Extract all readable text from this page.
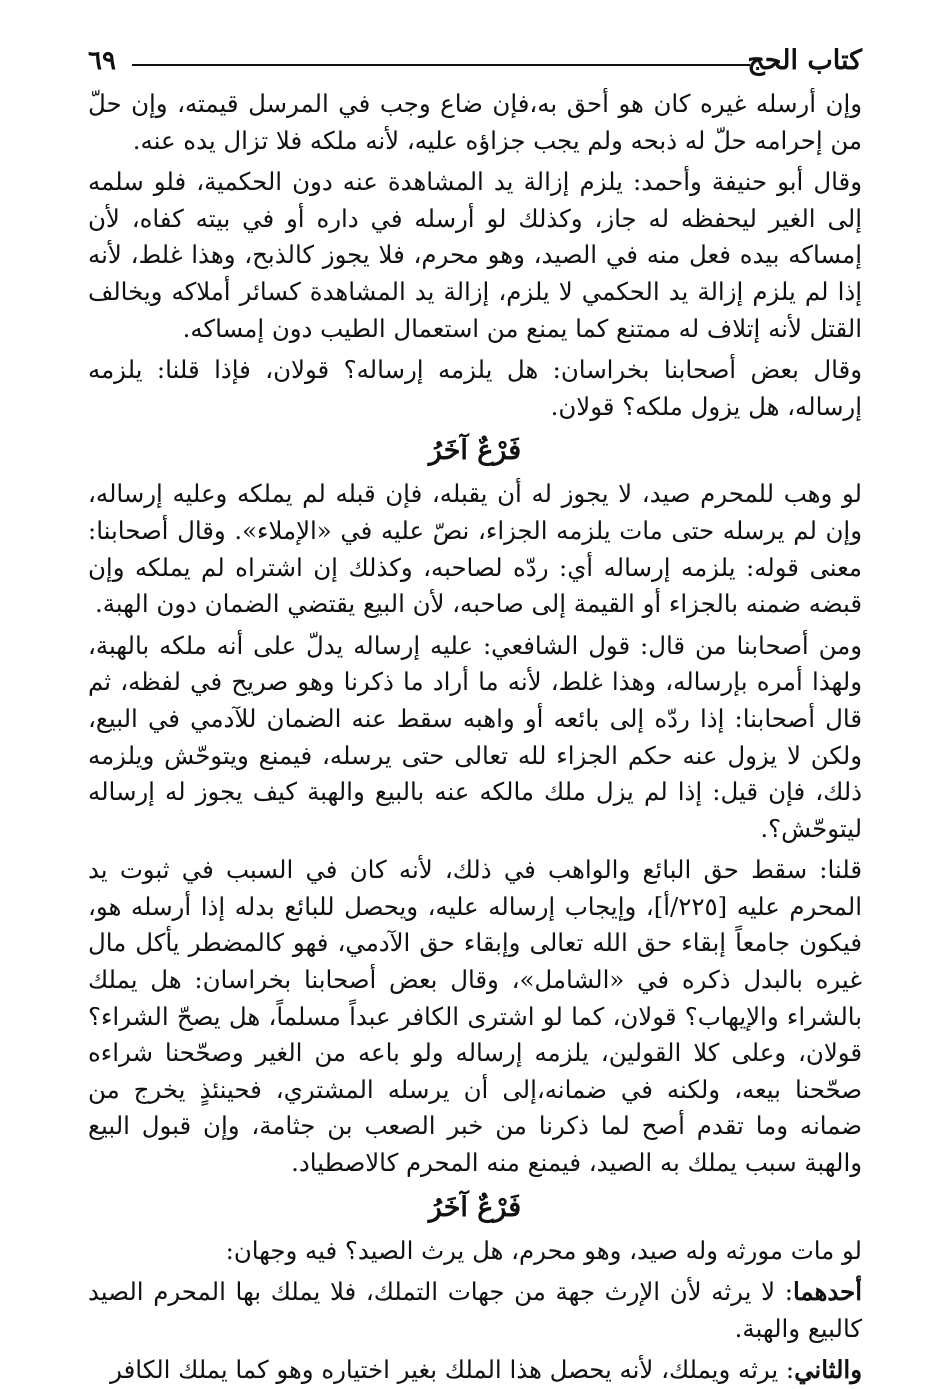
كتاب الحج
٦٩

وإن أرسله غيره كان هو أحق به،فإن ضاع وجب في المرسل قيمته، وإن حلّ من إحرامه حلّ له ذبحه ولم يجب جزاؤه عليه، لأنه ملكه فلا تزال يده عنه.

وقال أبو حنيفة وأحمد: يلزم إزالة يد المشاهدة عنه دون الحكمية، فلو سلمه إلى الغير ليحفظه له جاز، وكذلك لو أرسله في داره أو في بيته كفاه، لأن إمساكه بيده فعل منه في الصيد، وهو محرم، فلا يجوز كالذبح، وهذا غلط، لأنه إذا لم يلزم إزالة يد الحكمي لا يلزم، إزالة يد المشاهدة كسائر أملاكه ويخالف القتل لأنه إتلاف له ممتنع كما يمنع من استعمال الطيب دون إمساكه.

وقال بعض أصحابنا بخراسان: هل يلزمه إرساله؟ قولان، فإذا قلنا: يلزمه إرساله، هل يزول ملكه؟ قولان.

فَرْعٌ آخَرُ

لو وهب للمحرم صيد، لا يجوز له أن يقبله، فإن قبله لم يملكه وعليه إرساله، وإن لم يرسله حتى مات يلزمه الجزاء، نصّ عليه في «الإملاء». وقال أصحابنا: معنى قوله: يلزمه إرساله أي: ردّه لصاحبه، وكذلك إن اشتراه لم يملكه وإن قبضه ضمنه بالجزاء أو القيمة إلى صاحبه، لأن البيع يقتضي الضمان دون الهبة.

ومن أصحابنا من قال: قول الشافعي: عليه إرساله يدلّ على أنه ملكه بالهبة، ولهذا أمره بإرساله، وهذا غلط، لأنه ما أراد ما ذكرنا وهو صريح في لفظه، ثم قال أصحابنا: إذا ردّه إلى بائعه أو واهبه سقط عنه الضمان للآدمي في البيع، ولكن لا يزول عنه حكم الجزاء لله تعالى حتى يرسله، فيمنع ويتوحّش ويلزمه ذلك، فإن قيل: إذا لم يزل ملك مالكه عنه بالبيع والهبة كيف يجوز له إرساله ليتوحّش؟.

قلنا: سقط حق البائع والواهب في ذلك، لأنه كان في السبب في ثبوت يد المحرم عليه [٢٢٥/أ]، وإيجاب إرساله عليه، ويحصل للبائع بدله إذا أرسله هو، فيكون جامعاً إبقاء حق الله تعالى وإبقاء حق الآدمي، فهو كالمضطر يأكل مال غيره بالبدل ذكره في «الشامل»، وقال بعض أصحابنا بخراسان: هل يملك بالشراء والإيهاب؟ قولان، كما لو اشترى الكافر عبداً مسلماً، هل يصحّ الشراء؟ قولان، وعلى كلا القولين، يلزمه إرساله ولو باعه من الغير وصحّحنا شراءه صحّحنا بيعه، ولكنه في ضمانه،إلى أن يرسله المشتري، فحينئذٍ يخرج من ضمانه وما تقدم أصح لما ذكرنا من خبر الصعب بن جثامة، وإن قبول البيع والهبة سبب يملك به الصيد، فيمنع منه المحرم كالاصطياد.

فَرْعٌ آخَرُ

لو مات مورثه وله صيد، وهو محرم، هل يرث الصيد؟ فيه وجهان:

أحدهما: لا يرثه لأن الإرث جهة من جهات التملك، فلا يملك بها المحرم الصيد كالبيع والهبة.

والثاني: يرثه ويملك، لأنه يحصل هذا الملك بغير اختياره وهو كما يملك الكافر
